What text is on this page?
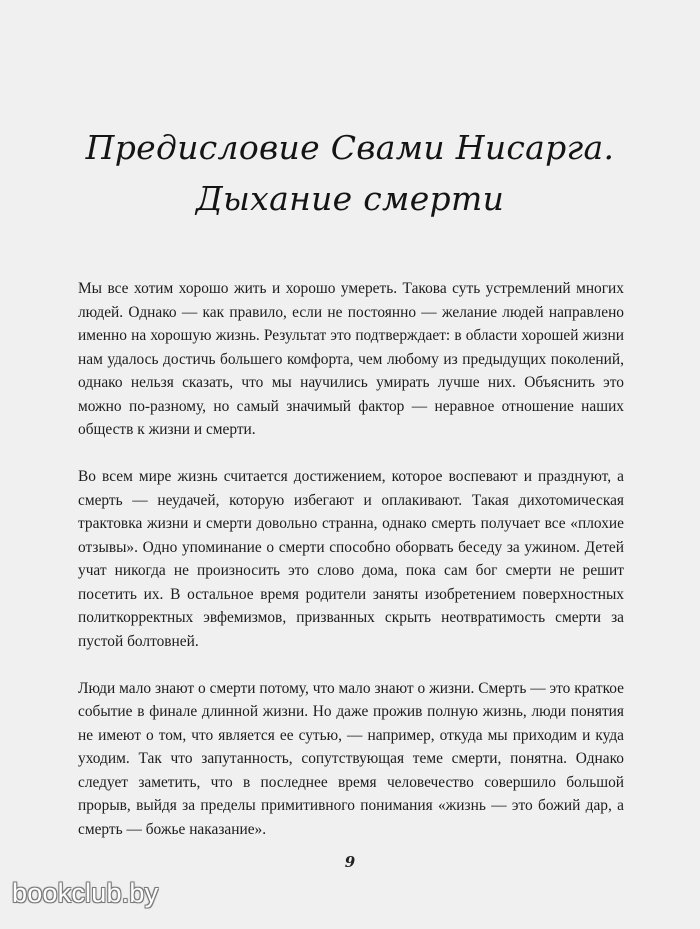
Предисловие Свами Нисарга.
Дыхание смерти

Мы все хотим хорошо жить и хорошо умереть. Такова суть устремлений многих людей. Однако — как правило, если не постоянно — желание людей направлено именно на хорошую жизнь. Результат это подтверждает: в области хорошей жизни нам удалось достичь большего комфорта, чем любому из предыдущих поколений, однако нельзя сказать, что мы научились умирать лучше них. Объяснить это можно по-разному, но самый значимый фактор — неравное отношение наших обществ к жизни и смерти.

Во всем мире жизнь считается достижением, которое воспевают и празднуют, а смерть — неудачей, которую избегают и оплакивают. Такая дихотомическая трактовка жизни и смерти довольно странна, однако смерть получает все «плохие отзывы». Одно упоминание о смерти способно оборвать беседу за ужином. Детей учат никогда не произносить это слово дома, пока сам бог смерти не решит посетить их. В остальное время родители заняты изобретением поверхностных политкорректных эвфемизмов, призванных скрыть неотвратимость смерти за пустой болтовней.

Люди мало знают о смерти потому, что мало знают о жизни. Смерть — это краткое событие в финале длинной жизни. Но даже прожив полную жизнь, люди понятия не имеют о том, что является ее сутью, — например, откуда мы приходим и куда уходим. Так что запутанность, сопутствующая теме смерти, понятна. Однако следует заметить, что в последнее время человечество совершило большой прорыв, выйдя за пределы примитивного понимания «жизнь — это божий дар, а смерть — божье наказание».

9
bookclub.by
